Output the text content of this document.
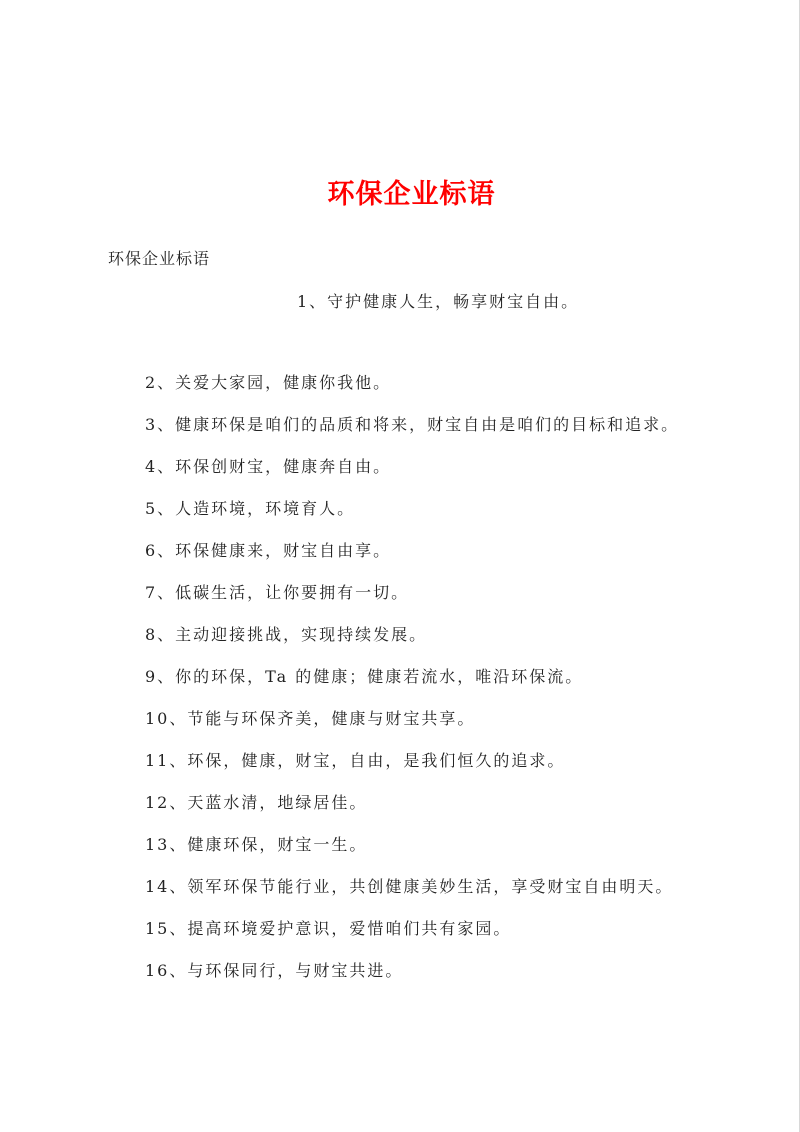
环保企业标语
环保企业标语
1、守护健康人生，畅享财宝自由。
2、关爱大家园，健康你我他。
3、健康环保是咱们的品质和将来，财宝自由是咱们的目标和追求。
4、环保创财宝，健康奔自由。
5、人造环境，环境育人。
6、环保健康来，财宝自由享。
7、低碳生活，让你要拥有一切。
8、主动迎接挑战，实现持续发展。
9、你的环保，Ta 的健康；健康若流水，唯沿环保流。
10、节能与环保齐美，健康与财宝共享。
11、环保，健康，财宝，自由，是我们恒久的追求。
12、天蓝水清，地绿居佳。
13、健康环保，财宝一生。
14、领军环保节能行业，共创健康美妙生活，享受财宝自由明天。
15、提高环境爱护意识，爱惜咱们共有家园。
16、与环保同行，与财宝共进。
